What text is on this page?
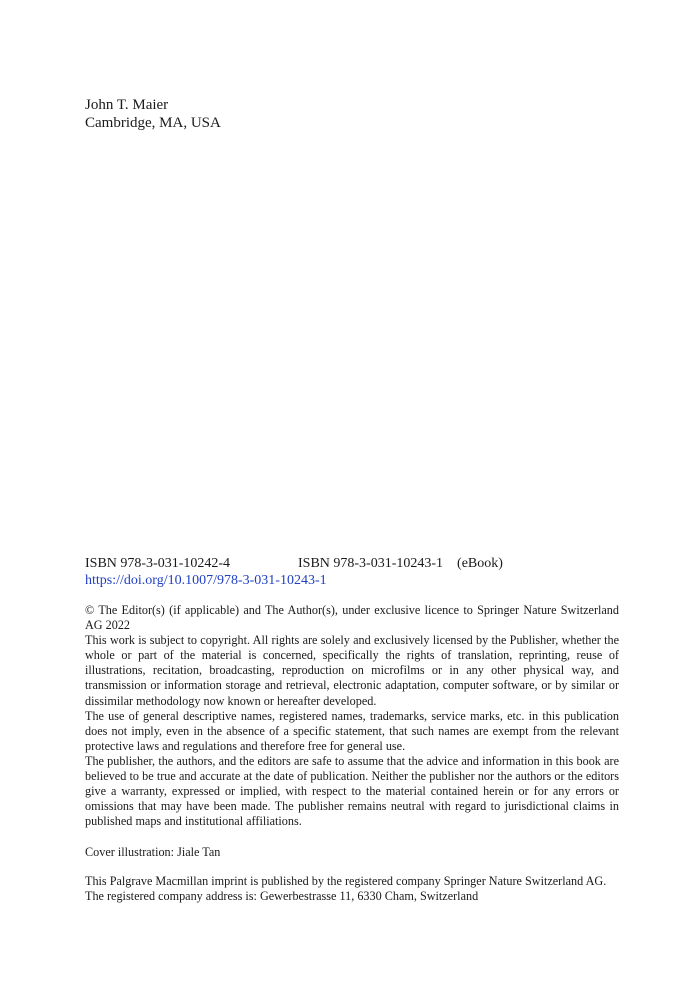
John T. Maier
Cambridge, MA, USA
ISBN 978-3-031-10242-4	ISBN 978-3-031-10243-1 (eBook)
https://doi.org/10.1007/978-3-031-10243-1

© The Editor(s) (if applicable) and The Author(s), under exclusive licence to Springer Nature Switzerland AG 2022

This work is subject to copyright. All rights are solely and exclusively licensed by the Publisher, whether the whole or part of the material is concerned, specifically the rights of translation, reprinting, reuse of illustrations, recitation, broadcasting, reproduction on microfilms or in any other physical way, and transmission or information storage and retrieval, electronic adaptation, computer software, or by similar or dissimilar methodology now known or hereafter developed.

The use of general descriptive names, registered names, trademarks, service marks, etc. in this publication does not imply, even in the absence of a specific statement, that such names are exempt from the relevant protective laws and regulations and therefore free for general use.

The publisher, the authors, and the editors are safe to assume that the advice and information in this book are believed to be true and accurate at the date of publication. Neither the publisher nor the authors or the editors give a warranty, expressed or implied, with respect to the material contained herein or for any errors or omissions that may have been made. The publisher remains neutral with regard to jurisdictional claims in published maps and institutional affiliations.

Cover illustration: Jiale Tan
This Palgrave Macmillan imprint is published by the registered company Springer Nature Switzerland AG.
The registered company address is: Gewerbestrasse 11, 6330 Cham, Switzerland
